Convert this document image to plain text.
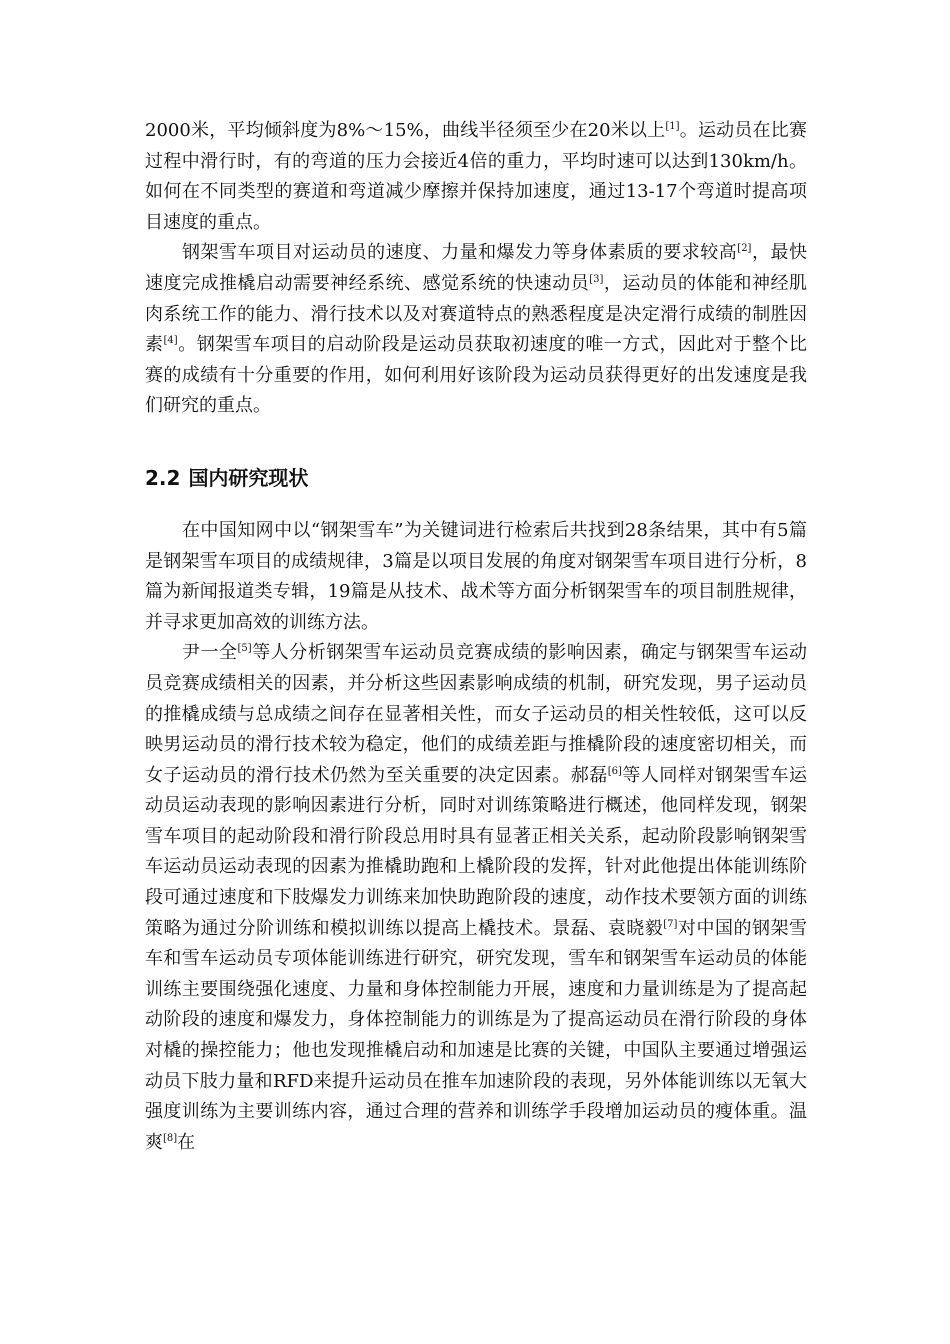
2000米，平均倾斜度为8%～15%，曲线半径须至少在20米以上[1]。运动员在比赛过程中滑行时，有的弯道的压力会接近4倍的重力，平均时速可以达到130km/h。如何在不同类型的赛道和弯道减少摩擦并保持加速度，通过13-17个弯道时提高项目速度的重点。

钢架雪车项目对运动员的速度、力量和爆发力等身体素质的要求较高[2]，最快速度完成推橇启动需要神经系统、感觉系统的快速动员[3]，运动员的体能和神经肌肉系统工作的能力、滑行技术以及对赛道特点的熟悉程度是决定滑行成绩的制胜因素[4]。钢架雪车项目的启动阶段是运动员获取初速度的唯一方式，因此对于整个比赛的成绩有十分重要的作用，如何利用好该阶段为运动员获得更好的出发速度是我们研究的重点。

2.2 国内研究现状

在中国知网中以“钢架雪车”为关键词进行检索后共找到28条结果，其中有5篇是钢架雪车项目的成绩规律，3篇是以项目发展的角度对钢架雪车项目进行分析，8篇为新闻报道类专辑，19篇是从技术、战术等方面分析钢架雪车的项目制胜规律，并寻求更加高效的训练方法。

尹一全[5]等人分析钢架雪车运动员竞赛成绩的影响因素，确定与钢架雪车运动员竞赛成绩相关的因素，并分析这些因素影响成绩的机制，研究发现，男子运动员的推橇成绩与总成绩之间存在显著相关性，而女子运动员的相关性较低，这可以反映男运动员的滑行技术较为稳定，他们的成绩差距与推橇阶段的速度密切相关，而女子运动员的滑行技术仍然为至关重要的决定因素。郝磊[6]等人同样对钢架雪车运动员运动表现的影响因素进行分析，同时对训练策略进行概述，他同样发现，钢架雪车项目的起动阶段和滑行阶段总用时具有显著正相关关系，起动阶段影响钢架雪车运动员运动表现的因素为推橇助跑和上橇阶段的发挥，针对此他提出体能训练阶段可通过速度和下肢爆发力训练来加快助跑阶段的速度，动作技术要领方面的训练策略为通过分阶训练和模拟训练以提高上橇技术。景磊、袁晓毅[7]对中国的钢架雪车和雪车运动员专项体能训练进行研究，研究发现，雪车和钢架雪车运动员的体能训练主要围绕强化速度、力量和身体控制能力开展，速度和力量训练是为了提高起动阶段的速度和爆发力，身体控制能力的训练是为了提高运动员在滑行阶段的身体对橇的操控能力；他也发现推橇启动和加速是比赛的关键，中国队主要通过增强运动员下肢力量和RFD来提升运动员在推车加速阶段的表现，另外体能训练以无氧大强度训练为主要训练内容，通过合理的营养和训练学手段增加运动员的瘦体重。温爽[8]在
